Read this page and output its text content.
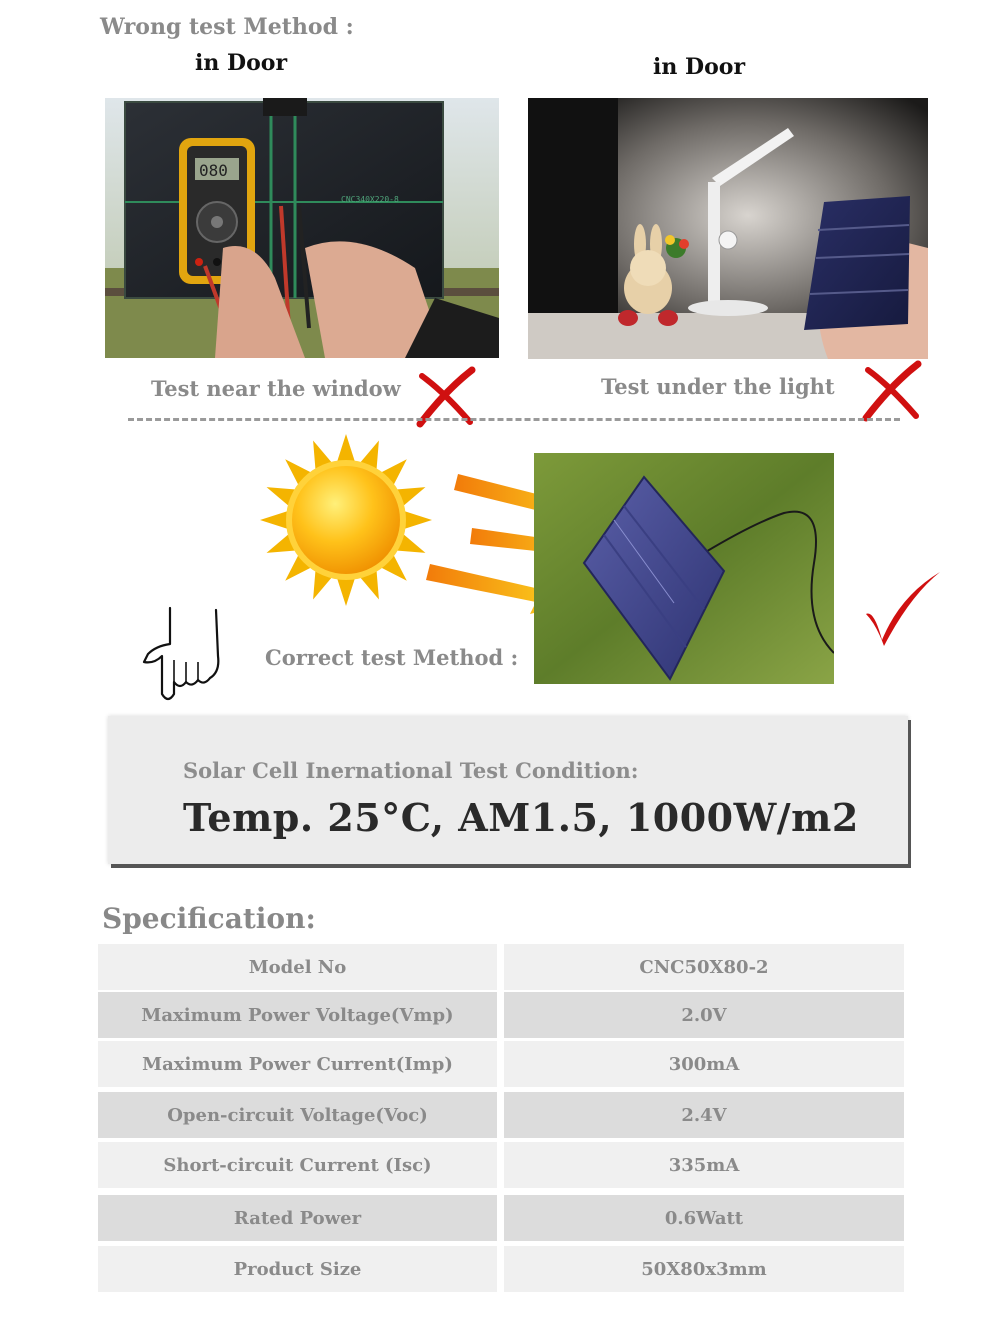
Wrong test Method :
in Door	in Door
CNC340X220-8
080
Test near the window	Test under the light
Correct test Method :
Solar Cell Inernational Test Condition:
Temp. 25°C, AM1.5, 1000W/m2
Specification:
Model No	CNC50X80-2
Maximum Power Voltage(Vmp)	2.0V
Maximum Power Current(Imp)	300mA
Open-circuit Voltage(Voc)	2.4V
Short-circuit Current (Isc)	335mA
Rated Power	0.6Watt
Product Size	50X80x3mm
